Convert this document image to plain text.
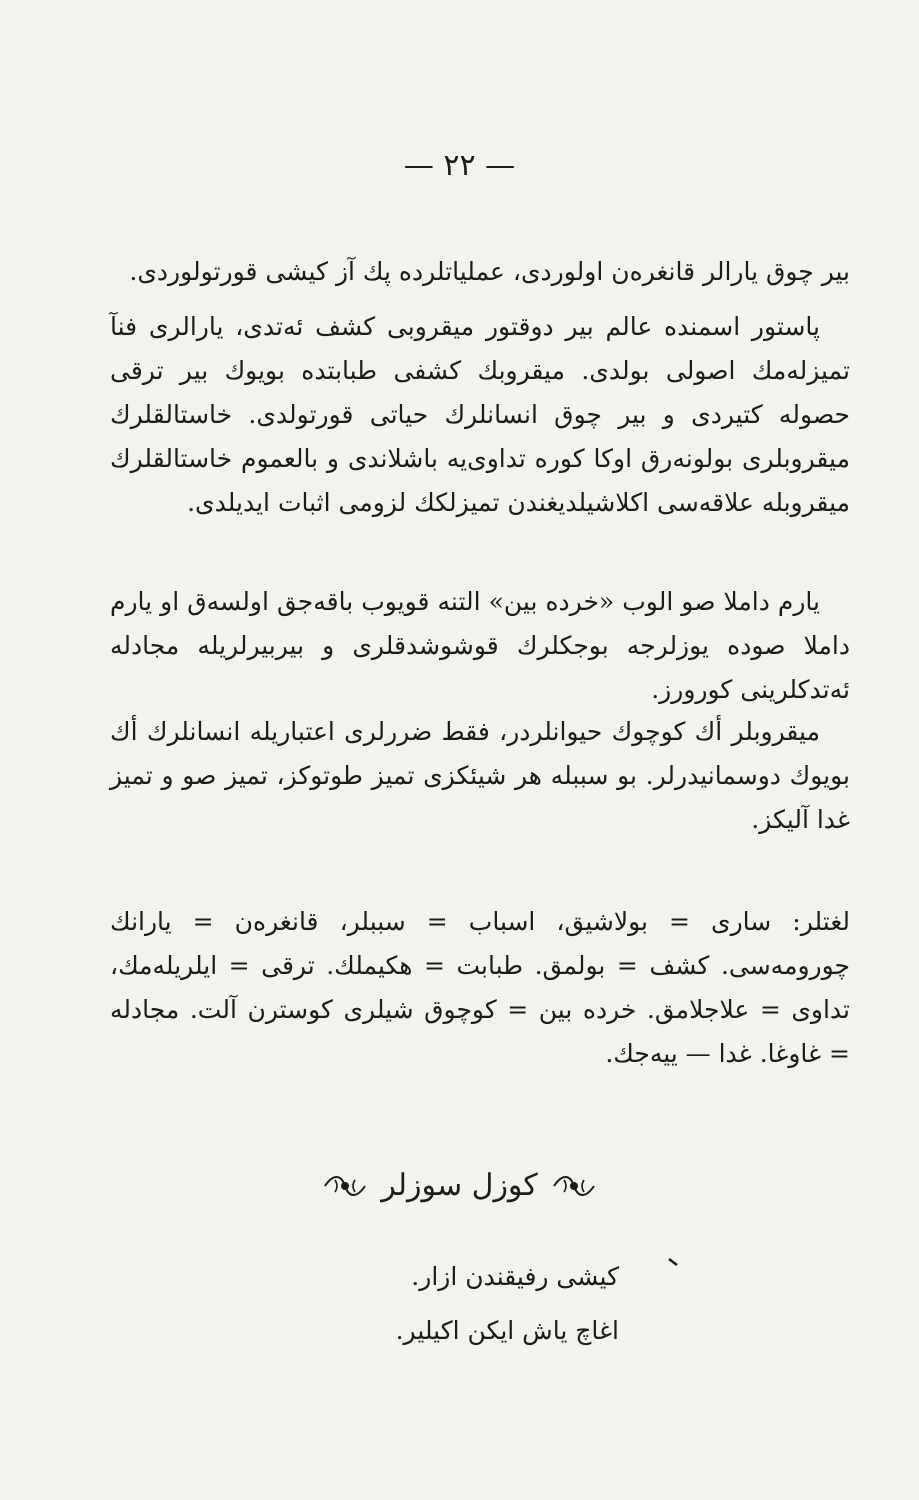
— ۲۲ —

بیر چوق یارالر قانغرەن اولوردی، عملیاتلردە پك آز كیشی قورتولوردی.

پاستور اسمندە عالم بیر دوقتور میقروبی كشف ئەتدی، یارالری فنآ تمیزلەمك اصولی بولدی. میقروبك كشفی طبابتدە بویوك بیر ترقی حصولە كتیردی و بیر چوق انسانلرك حیاتی قورتولدی. خاستالقلرك میقروبلری بولونەرق اوكا كورە تداوی‌یە باشلاندی و بالعموم خاستالقلرك میقروبلە علاقەسی اكلاشیلدیغندن تمیزلكك لزومی اثبات ایدیلدی.

یارم داملا صو الوب «خردە بین» التنە قویوب باقەجق اولسەق او یارم داملا صودە یوزلرجە بوجكلرك قوشوشدقلری و بیربیرلریلە مجادلە ئەتدكلرینی كورورز.

میقروبلر أك كوچوك حیوانلردر، فقط ضررلری اعتباریلە انسانلرك أك بویوك دوسمانیدرلر. بو سببلە هر شیئكزی تمیز طوتوكز، تمیز صو و تمیز غدا آلیكز.

لغتلر: ساری = بولاشیق، اسباب = سببلر، قانغرەن = یارانك چورومەسی. كشف = بولمق. طبابت = هكیملك. ترقی = ایلریلەمك، تداوی = علاجلامق. خردە بین = كوچوق شیلری كوسترن آلت. مجادلە = غاوغا. غدا — ییەجك.

كوزل سوزلر
كیشی رفیقندن ازار.
اغاچ یاش ایكن اكیلیر.
